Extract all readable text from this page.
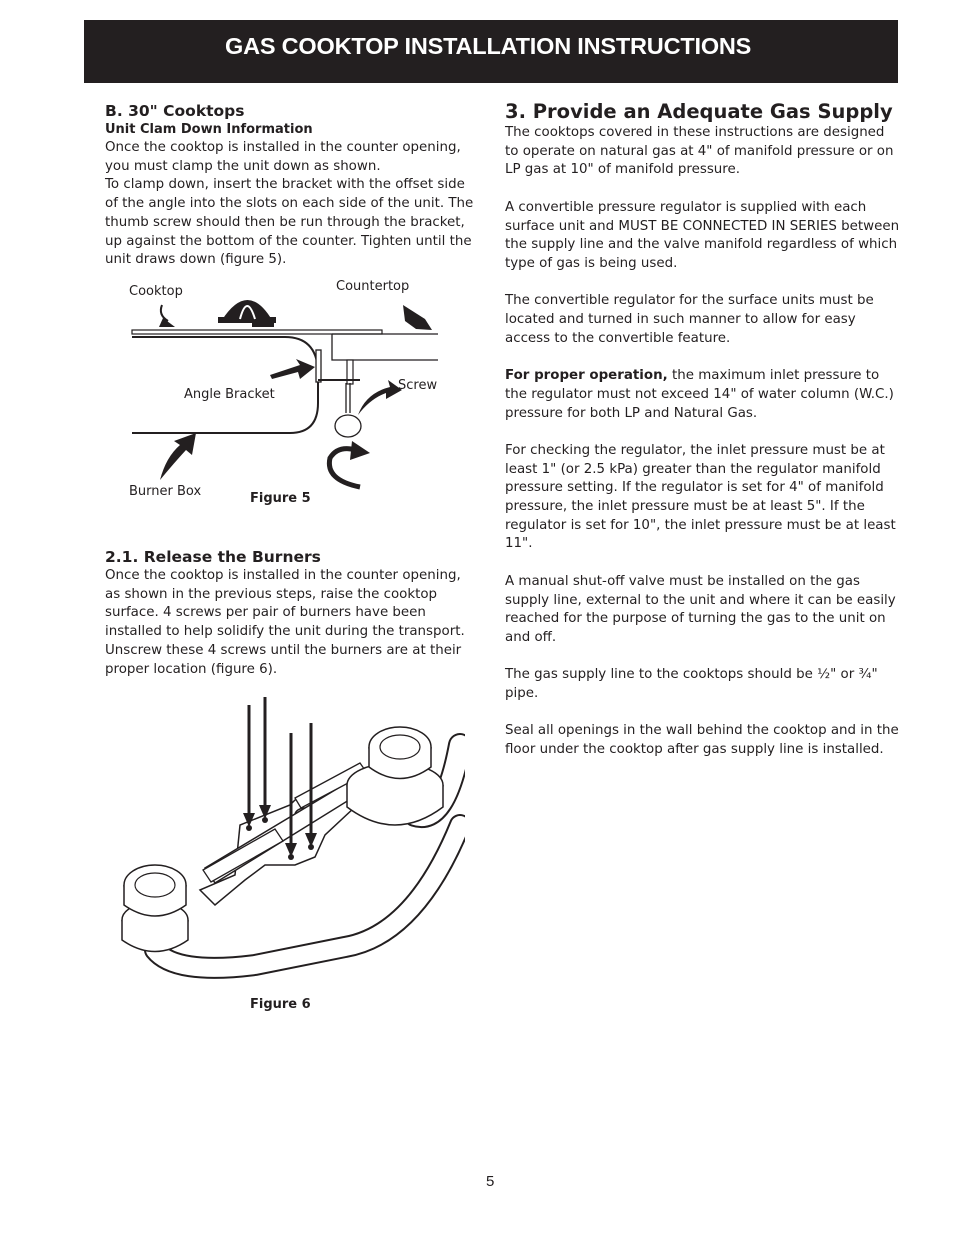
GAS COOKTOP INSTALLATION INSTRUCTIONS
B. 30" Cooktops
Unit Clam Down Information

Once the cooktop is installed in the counter opening, you must clamp the unit down as shown.

To clamp down, insert the bracket with the offset side of the angle into the slots on each side of the unit. The thumb screw should then be run through the bracket, up against the bottom of the counter. Tighten until the unit draws down (figure 5).

Cooktop	Countertop
Angle Bracket
Screw
Burner Box	Figure 5
2.1. Release the Burners

Once the cooktop is installed in the counter opening, as shown in the previous steps, raise the cooktop surface. 4 screws per pair of burners have been installed to help solidify the unit during the transport. Unscrew these 4 screws until the burners are at their proper location (figure 6).

Figure 6
3. Provide an Adequate Gas Supply

The cooktops covered in these instructions are designed to operate on natural gas at 4" of manifold pressure or on LP gas at 10" of manifold pressure.

A convertible pressure regulator is supplied with each surface unit and MUST BE CONNECTED IN SERIES between the supply line and the valve manifold regardless of which type of gas is being used.

The convertible regulator for the surface units must be located and turned in such manner to allow for easy access to the convertible feature.

For proper operation, the maximum inlet pressure to the regulator must not exceed 14" of water column (W.C.) pressure for both LP and Natural Gas.

For checking the regulator, the inlet pressure must be at least 1" (or 2.5 kPa) greater than the regulator manifold pressure setting. If the regulator is set for 4" of manifold pressure, the inlet pressure must be at least 5". If the regulator is set for 10", the inlet pressure must be at least 11".

A manual shut-off valve must be installed on the gas supply line, external to the unit and where it can be easily reached for the purpose of turning the gas to the unit on and off.

The gas supply line to the cooktops should be ½" or ¾" pipe.

Seal all openings in the wall behind the cooktop and in the floor under the cooktop after gas supply line is installed.

5
